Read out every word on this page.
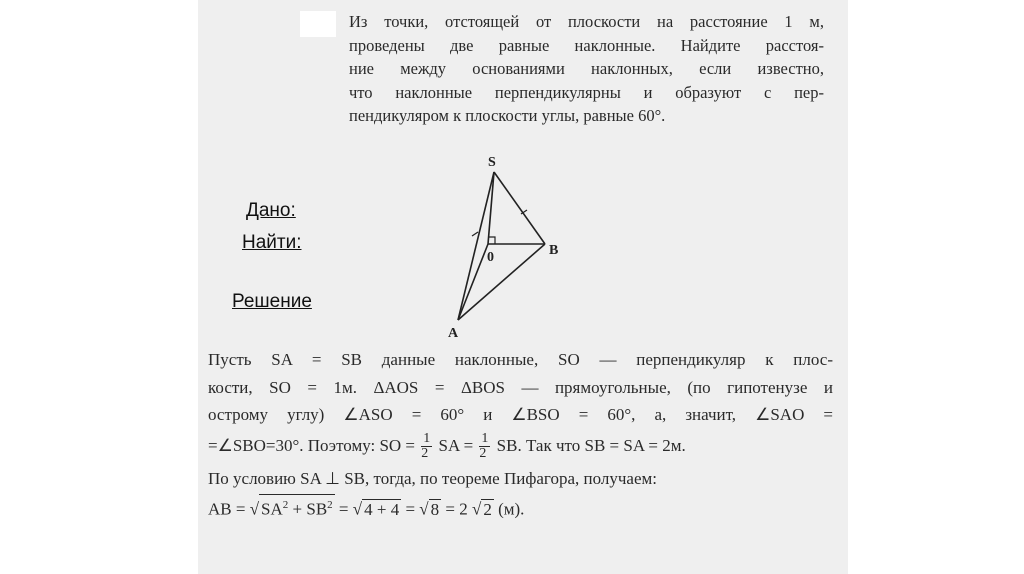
Из точки, отстоящей от плоскости на расстояние 1 м,
проведены две равные наклонные. Найдите расстоя-
ние между основаниями наклонных, если известно,
что наклонные перпендикулярны и образуют с пер-
пендикуляром к плоскости углы, равные 60°.
Дано:
Найти:
Решение
S
0	B
A
Пусть SA = SB данные наклонные, SO — перпендикуляр к плос-
кости, SO = 1м. ΔAOS = ΔBOS — прямоугольные, (по гипотенузе и
острому углу) ∠ASO = 60° и ∠BSO = 60°, а, значит, ∠SAO =
=∠SBO=30°. Поэтому: SO = $\frac{1}{2}$ SA = $\frac{1}{2}$ SB. Так что SB = SA = 2м.
По условию SA ⊥ SB, тогда, по теореме Пифагора, получаем:
AB = √ $SA^2 + SB^2$ = √ 4 + 4 = √ 8 = 2 √ 2 (м).
